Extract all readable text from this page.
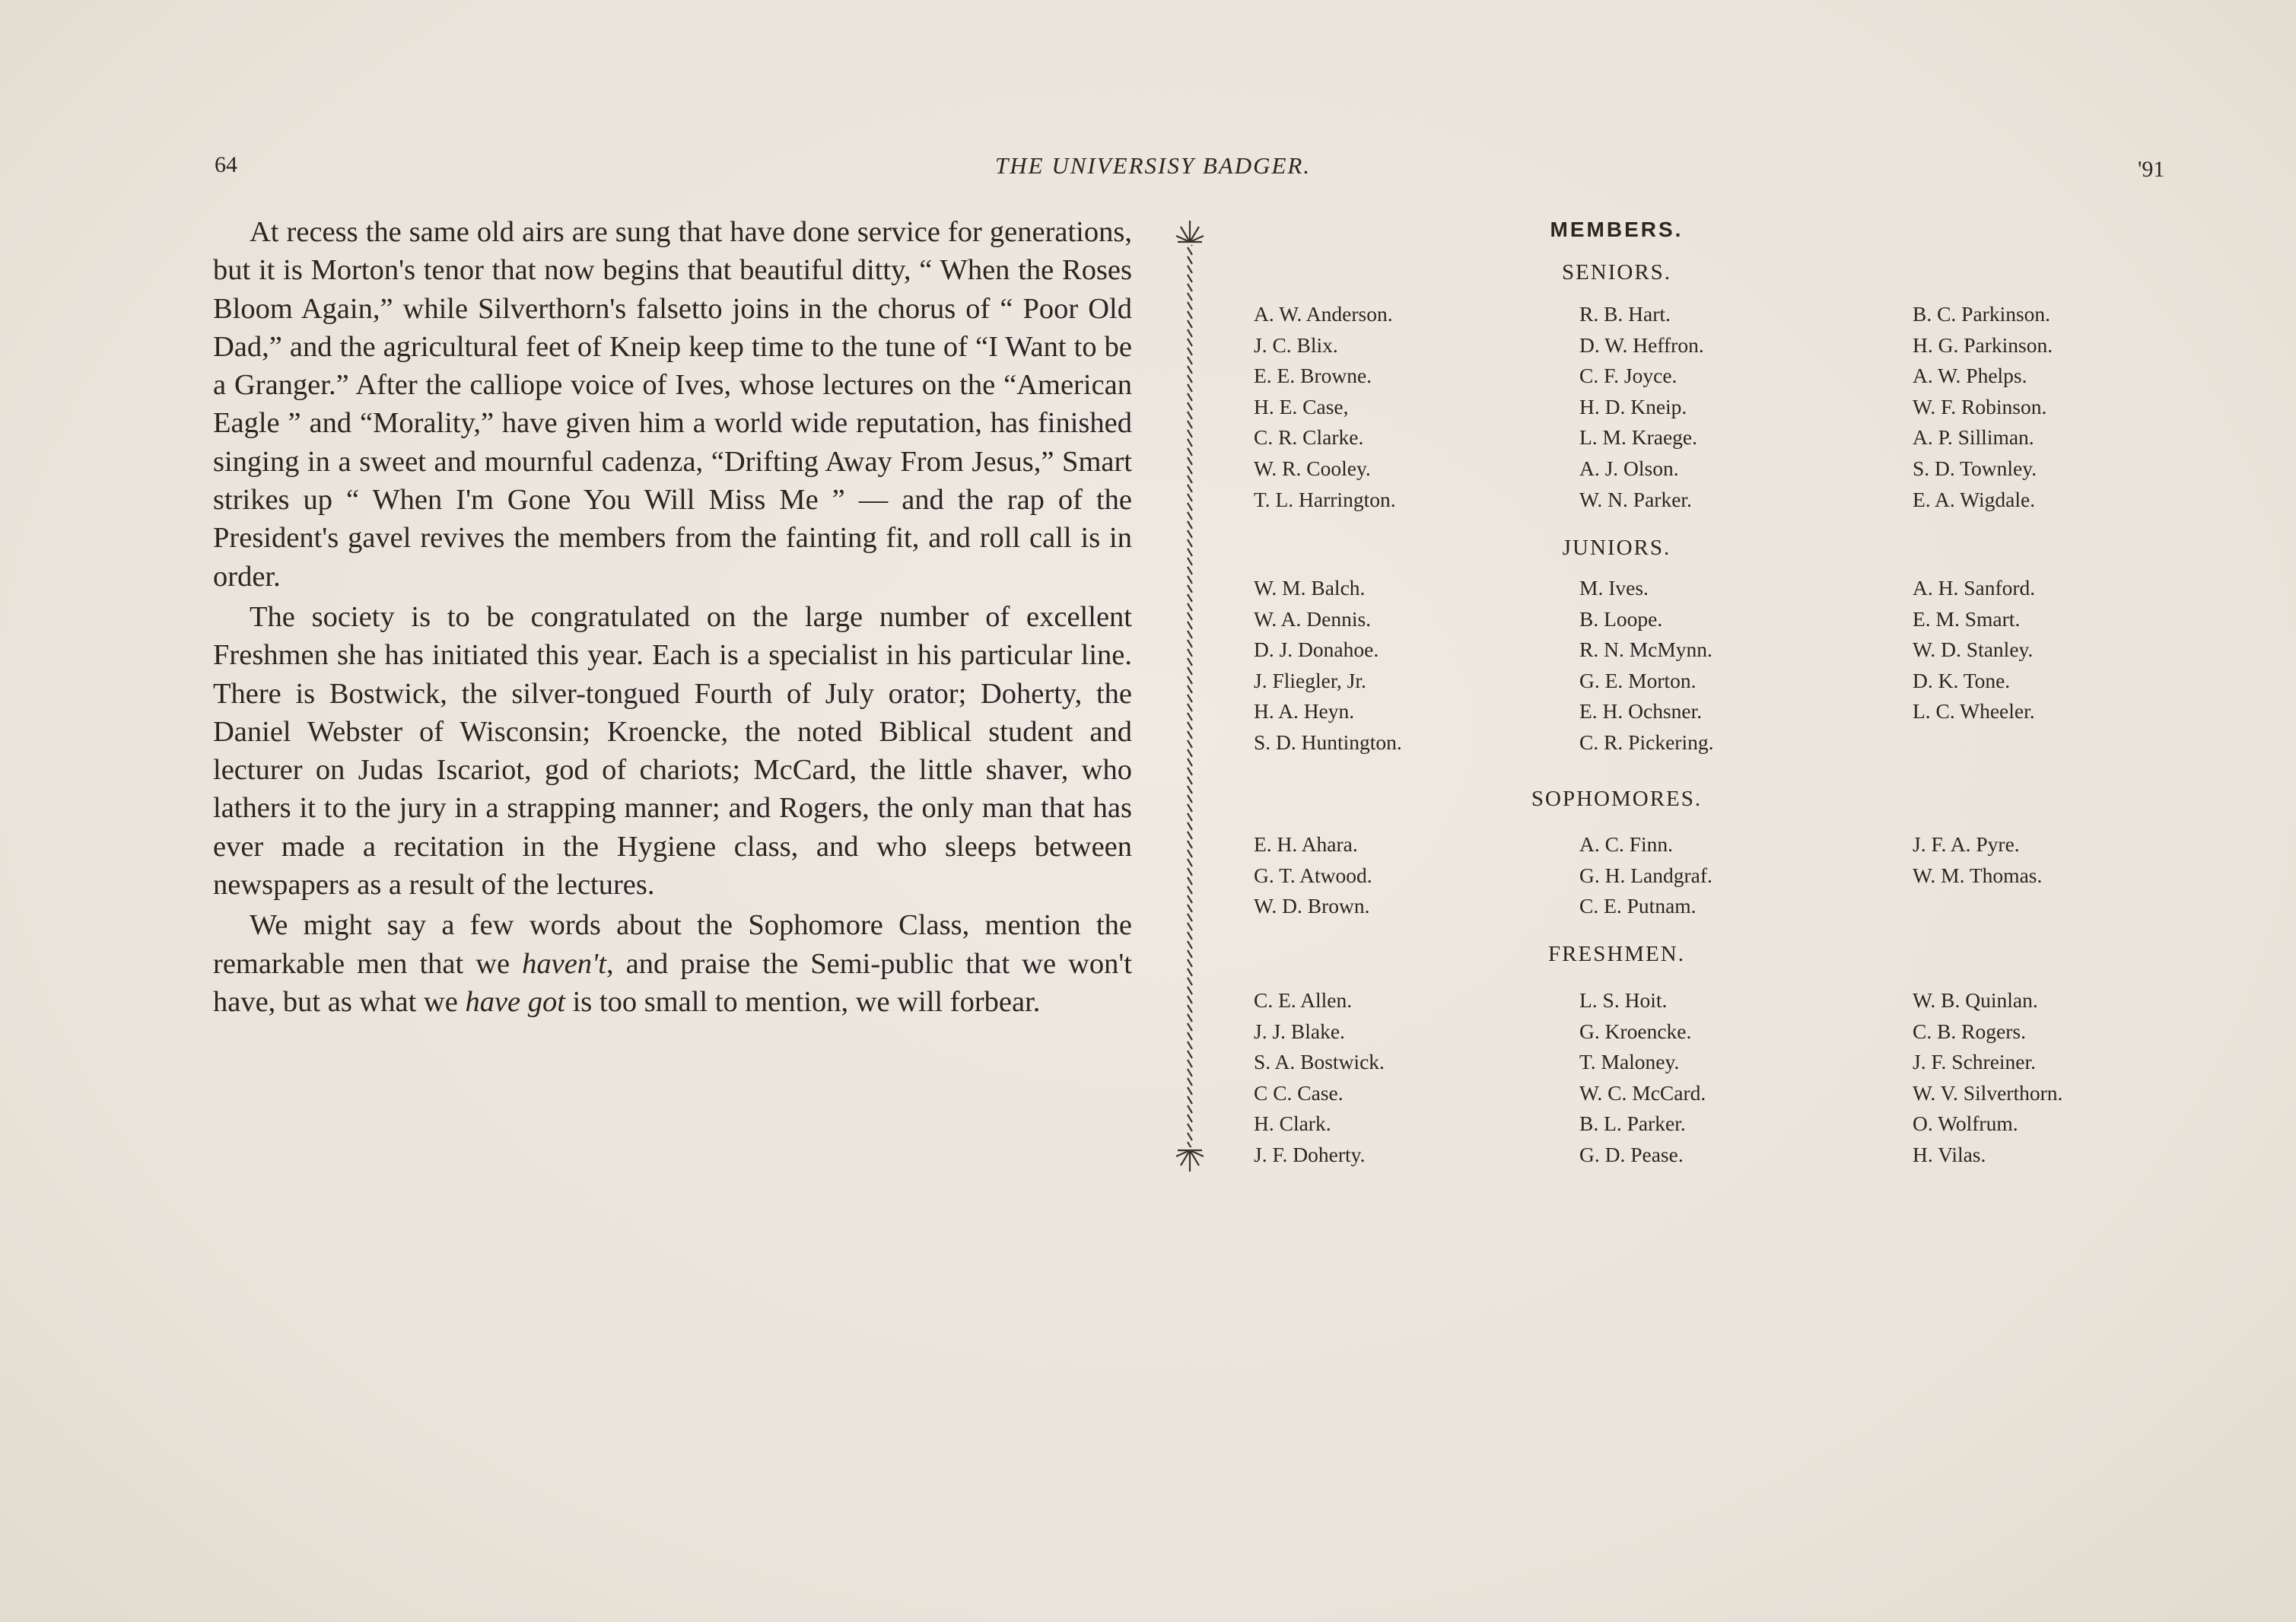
64	THE UNIVERSISY BADGER.	'91

At recess the same old airs are sung that have done service for generations, but it is Morton's tenor that now begins that beautiful ditty, “ When the Roses Bloom Again,” while Silverthorn's falsetto joins in the chorus of “ Poor Old Dad,” and the agricultural feet of Kneip keep time to the tune of “I Want to be a Granger.” After the calliope voice of Ives, whose lectures on the “American Eagle ” and “Morality,” have given him a world wide reputation, has finished singing in a sweet and mournful cadenza, “Drifting Away From Jesus,” Smart strikes up “ When I'm Gone You Will Miss Me ” — and the rap of the President's gavel revives the members from the fainting fit, and roll call is in order.

The society is to be congratulated on the large number of excellent Freshmen she has initiated this year. Each is a specialist in his particular line. There is Bostwick, the silver-tongued Fourth of July orator; Doherty, the Daniel Webster of Wisconsin; Kroencke, the noted Biblical student and lecturer on Judas Iscariot, god of chariots; McCard, the little shaver, who lathers it to the jury in a strapping manner; and Rogers, the only man that has ever made a recitation in the Hygiene class, and who sleeps between newspapers as a result of the lectures.

We might say a few words about the Sophomore Class, mention the remarkable men that we haven't, and praise the Semi-public that we won't have, but as what we have got is too small to mention, we will forbear.

MEMBERS.
SENIORS.
A. W. Anderson.
J. C. Blix.
E. E. Browne.
H. E. Case,
C. R. Clarke.
W. R. Cooley.
T. L. Harrington.
R. B. Hart.
D. W. Heffron.
C. F. Joyce.
H. D. Kneip.
L. M. Kraege.
A. J. Olson.
W. N. Parker.
B. C. Parkinson.
H. G. Parkinson.
A. W. Phelps.
W. F. Robinson.
A. P. Silliman.
S. D. Townley.
E. A. Wigdale.
JUNIORS.
W. M. Balch.
W. A. Dennis.
D. J. Donahoe.
J. Fliegler, Jr.
H. A. Heyn.
S. D. Huntington.
M. Ives.
B. Loope.
R. N. McMynn.
G. E. Morton.
E. H. Ochsner.
C. R. Pickering.
A. H. Sanford.
E. M. Smart.
W. D. Stanley.
D. K. Tone.
L. C. Wheeler.
SOPHOMORES.
E. H. Ahara.
G. T. Atwood.
W. D. Brown.
A. C. Finn.
G. H. Landgraf.
C. E. Putnam.
J. F. A. Pyre.
W. M. Thomas.
FRESHMEN.
C. E. Allen.
J. J. Blake.
S. A. Bostwick.
C C. Case.
H. Clark.
J. F. Doherty.
L. S. Hoit.
G. Kroencke.
T. Maloney.
W. C. McCard.
B. L. Parker.
G. D. Pease.
W. B. Quinlan.
C. B. Rogers.
J. F. Schreiner.
W. V. Silverthorn.
O. Wolfrum.
H. Vilas.
